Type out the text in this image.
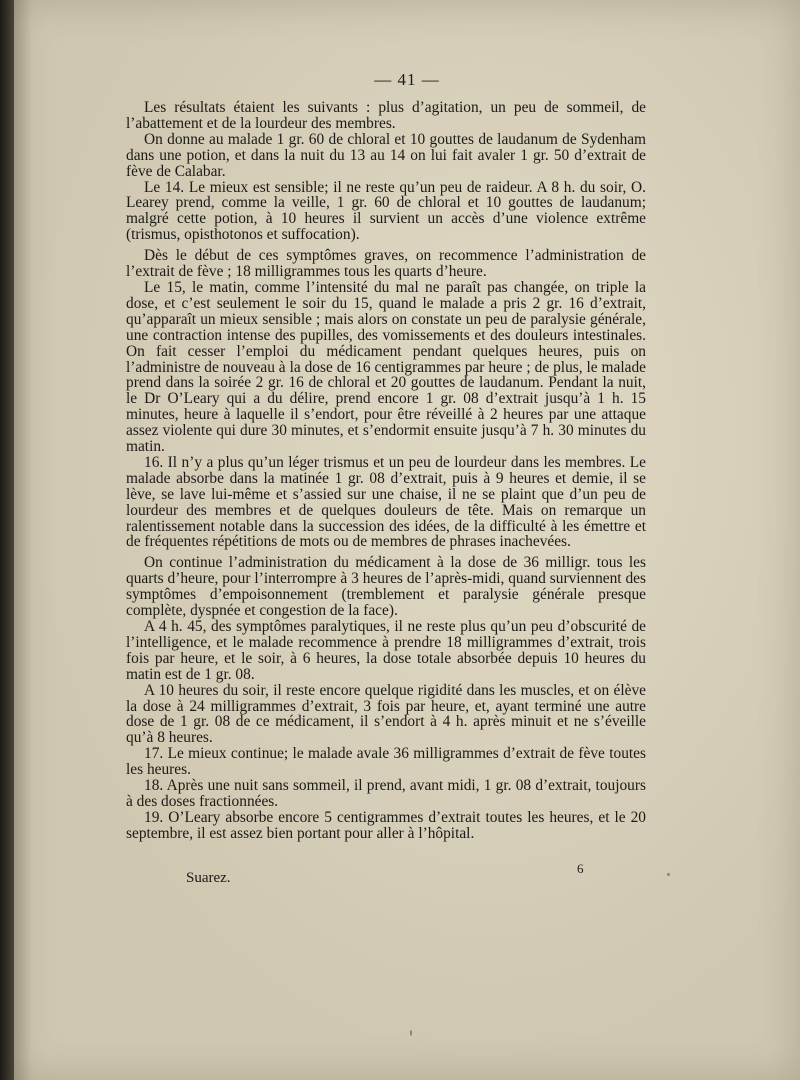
— 41 —

Les résultats étaient les suivants : plus d’agitation, un peu de sommeil, de l’abattement et de la lourdeur des membres.

On donne au malade 1 gr. 60 de chloral et 10 gouttes de laudanum de Sydenham dans une potion, et dans la nuit du 13 au 14 on lui fait avaler 1 gr. 50 d’extrait de fève de Calabar.

Le 14. Le mieux est sensible; il ne reste qu’un peu de raideur. A 8 h. du soir, O. Learey prend, comme la veille, 1 gr. 60 de chloral et 10 gouttes de laudanum; malgré cette potion, à 10 heures il survient un accès d’une violence extrême (trismus, opisthotonos et suffocation).

Dès le début de ces symptômes graves, on recommence l’administration de l’extrait de fève ; 18 milligrammes tous les quarts d’heure.

Le 15, le matin, comme l’intensité du mal ne paraît pas changée, on triple la dose, et c’est seulement le soir du 15, quand le malade a pris 2 gr. 16 d’extrait, qu’apparaît un mieux sensible ; mais alors on constate un peu de paralysie générale, une contraction intense des pupilles, des vomissements et des douleurs intestinales. On fait cesser l’emploi du médicament pendant quelques heures, puis on l’administre de nouveau à la dose de 16 centigrammes par heure ; de plus, le malade prend dans la soirée 2 gr. 16 de chloral et 20 gouttes de laudanum. Pendant la nuit, le Dr O’Leary qui a du délire, prend encore 1 gr. 08 d’extrait jusqu’à 1 h. 15 minutes, heure à laquelle il s’endort, pour être réveillé à 2 heures par une attaque assez violente qui dure 30 minutes, et s’endormit ensuite jusqu’à 7 h. 30 minutes du matin.

16. Il n’y a plus qu’un léger trismus et un peu de lourdeur dans les membres. Le malade absorbe dans la matinée 1 gr. 08 d’extrait, puis à 9 heures et demie, il se lève, se lave lui-même et s’assied sur une chaise, il ne se plaint que d’un peu de lourdeur des membres et de quelques douleurs de tête. Mais on remarque un ralentissement notable dans la succession des idées, de la difficulté à les émettre et de fréquentes répétitions de mots ou de membres de phrases inachevées.

On continue l’administration du médicament à la dose de 36 milligr. tous les quarts d’heure, pour l’interrompre à 3 heures de l’après-midi, quand surviennent des symptômes d’empoisonnement (tremblement et paralysie générale presque complète, dyspnée et congestion de la face).

A 4 h. 45, des symptômes paralytiques, il ne reste plus qu’un peu d’obscurité de l’intelligence, et le malade recommence à prendre 18 milligrammes d’extrait, trois fois par heure, et le soir, à 6 heures, la dose totale absorbée depuis 10 heures du matin est de 1 gr. 08.

A 10 heures du soir, il reste encore quelque rigidité dans les muscles, et on élève la dose à 24 milligrammes d’extrait, 3 fois par heure, et, ayant terminé une autre dose de 1 gr. 08 de ce médicament, il s’endort à 4 h. après minuit et ne s’éveille qu’à 8 heures.

17. Le mieux continue; le malade avale 36 milligrammes d’extrait de fève toutes les heures.

18. Après une nuit sans sommeil, il prend, avant midi, 1 gr. 08 d’extrait, toujours à des doses fractionnées.

19. O’Leary absorbe encore 5 centigrammes d’extrait toutes les heures, et le 20 septembre, il est assez bien portant pour aller à l’hôpital.

Suarez.
6
